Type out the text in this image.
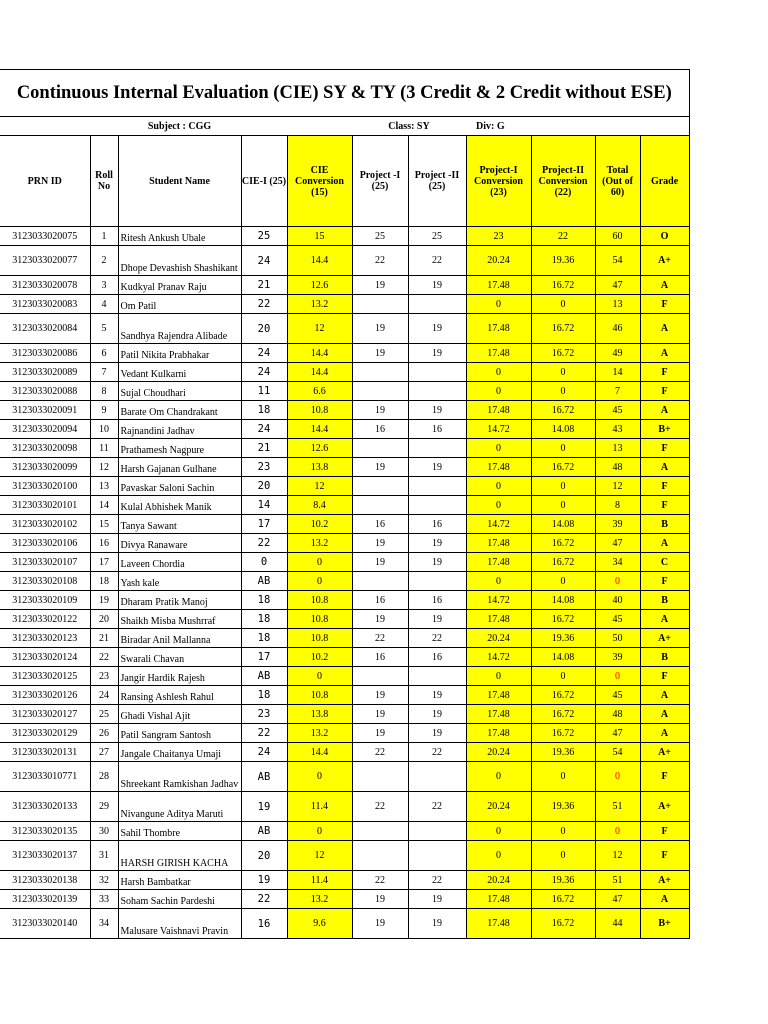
Continuous Internal Evaluation (CIE) SY & TY (3 Credit & 2 Credit without ESE)										
		Subject : CGG			Class: SY		Div: G			
PRN ID	Roll No	Student Name	CIE-I (25)	CIE Conversion (15)	Project -I (25)	Project -II (25)	Project-I Conversion (23)	Project-II Conversion (22)	Total (Out of 60)	Grade
3123033020075	1	Ritesh Ankush Ubale	25	15	25	25	23	22	60	O
3123033020077	2	Dhope Devashish Shashikant	24	14.4	22	22	20.24	19.36	54	A+
3123033020078	3	Kudkyal Pranav Raju	21	12.6	19	19	17.48	16.72	47	A
3123033020083	4	Om Patil	22	13.2			0	0	13	F
3123033020084	5	Sandhya Rajendra Alibade	20	12	19	19	17.48	16.72	46	A
3123033020086	6	Patil Nikita Prabhakar	24	14.4	19	19	17.48	16.72	49	A
3123033020089	7	Vedant Kulkarni	24	14.4			0	0	14	F
3123033020088	8	Sujal Choudhari	11	6.6			0	0	7	F
3123033020091	9	Barate Om Chandrakant	18	10.8	19	19	17.48	16.72	45	A
3123033020094	10	Rajnandini Jadhav	24	14.4	16	16	14.72	14.08	43	B+
3123033020098	11	Prathamesh Nagpure	21	12.6			0	0	13	F
3123033020099	12	Harsh Gajanan Gulhane	23	13.8	19	19	17.48	16.72	48	A
3123033020100	13	Pavaskar Saloni Sachin	20	12			0	0	12	F
3123033020101	14	Kulal Abhishek Manik	14	8.4			0	0	8	F
3123033020102	15	Tanya Sawant	17	10.2	16	16	14.72	14.08	39	B
3123033020106	16	Divya Ranaware	22	13.2	19	19	17.48	16.72	47	A
3123033020107	17	Laveen Chordia	0	0	19	19	17.48	16.72	34	C
3123033020108	18	Yash kale	AB	0			0	0	0	F
3123033020109	19	Dharam Pratik Manoj	18	10.8	16	16	14.72	14.08	40	B
3123033020122	20	Shaikh Misba Mushrraf	18	10.8	19	19	17.48	16.72	45	A
3123033020123	21	Biradar Anil Mallanna	18	10.8	22	22	20.24	19.36	50	A+
3123033020124	22	Swarali Chavan	17	10.2	16	16	14.72	14.08	39	B
3123033020125	23	Jangir Hardik Rajesh	AB	0			0	0	0	F
3123033020126	24	Ransing Ashlesh Rahul	18	10.8	19	19	17.48	16.72	45	A
3123033020127	25	Ghadi Vishal Ajit	23	13.8	19	19	17.48	16.72	48	A
3123033020129	26	Patil Sangram Santosh	22	13.2	19	19	17.48	16.72	47	A
3123033020131	27	Jangale Chaitanya Umaji	24	14.4	22	22	20.24	19.36	54	A+
3123033010771	28	Shreekant Ramkishan Jadhav	AB	0			0	0	0	F
3123033020133	29	Nivangune Aditya Maruti	19	11.4	22	22	20.24	19.36	51	A+
3123033020135	30	Sahil Thombre	AB	0			0	0	0	F
3123033020137	31	HARSH GIRISH KACHA	20	12			0	0	12	F
3123033020138	32	Harsh Bambatkar	19	11.4	22	22	20.24	19.36	51	A+
3123033020139	33	Soham Sachin Pardeshi	22	13.2	19	19	17.48	16.72	47	A
3123033020140	34	Malusare Vaishnavi Pravin	16	9.6	19	19	17.48	16.72	44	B+
